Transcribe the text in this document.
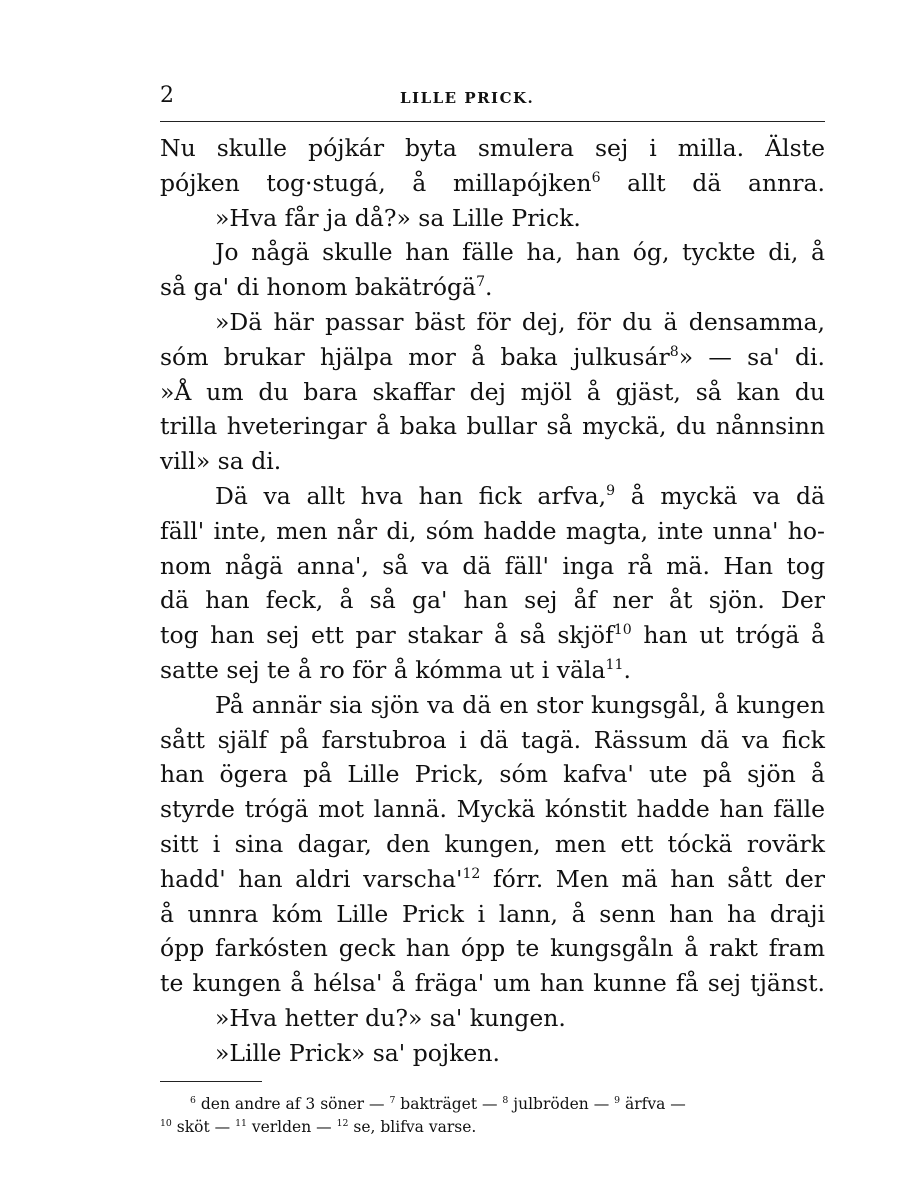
2	LILLE PRICK.
Nu skulle pójkár byta smulera sej i milla. Älste
pójken tog·stugá, å millapójken$^6$ allt dä annra.
»Hva får ja då?» sa Lille Prick.
Jo någä skulle han fälle ha, han óg, tyckte di, å
så ga' di honom bakätrógä$^7$.
»Dä här passar bäst för dej, för du ä densamma,
sóm brukar hjälpa mor å baka julkusár$^8$» — sa' di.
»Å um du bara skaffar dej mjöl å gjäst, så kan du
trilla hveteringar å baka bullar så myckä, du nånnsinn
vill» sa di.
Dä va allt hva han fick arfva,$^9$ å myckä va dä
fäll' inte, men når di, sóm hadde magta, inte unna' ho-
nom någä anna', så va dä fäll' inga rå mä. Han tog
dä han feck, å så ga' han sej åf ner åt sjön. Der
tog han sej ett par stakar å så skjöf$^{10}$ han ut trógä å
satte sej te å ro för å kómma ut i väla$^{11}$.
På annär sia sjön va dä en stor kungsgål, å kungen
sått själf på farstubroa i dä tagä. Rässum dä va fick
han ögera på Lille Prick, sóm kafva' ute på sjön å
styrde trógä mot lannä. Myckä kónstit hadde han fälle
sitt i sina dagar, den kungen, men ett tóckä rovärk
hadd' han aldri $varscha'^{12}$ fórr. Men mä han sått der
å unnra kóm Lille Prick i lann, å senn han ha draji
ópp farkósten geck han ópp te kungsgåln å rakt fram
te kungen å hélsa' å fräga' um han kunne få sej tjänst.
»Hva hetter du?» sa' kungen.
»Lille Prick» sa' pojken.
$^6$ den andre af 3 söner — $^7$ bakträget — $^8$ julbröden — $^9$ ärfva —
$^{10}$ sköt — $^{11}$ verlden — $^{12}$ se, blifva varse.
